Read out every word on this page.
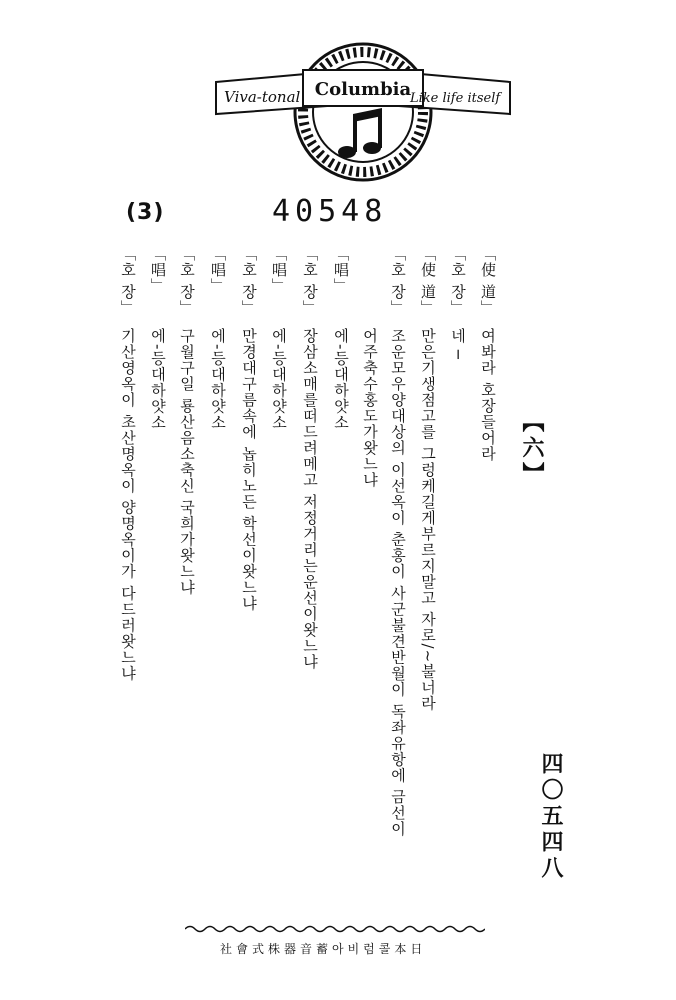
Viva-tonal Columbia
Like life itself
(3)	40548
【六】
四〇五四八
「使 道」
여봐라 호장들어라
「호 장」
네 ─
「使 道」
만은기생점고를 그렁케길게부르지말고 자로/~불너라
「호 장」
조운모우양대상의 이선옥이 춘홍이 사군불견반월이 독좌유항에 금선이
어주축수홍도가왓느냐
「唱」
에-등대하얏소
「호 장」
장삼소매를떠드려메고 저정거리는운선이왓느냐
「唱」
에-등대하얏소
「호 장」
만경대구름속에 놉히노든 학선이왓느냐
「唱」
에-등대하얏소
「호 장」
구월구일 룡산음소축신 국희가왓느냐
「唱」
에-등대하얏소
「호 장」
기산영옥이 초산명옥이 양명옥이가 다드러왓느냐
社會式株器音蓄아비럼콜本日
